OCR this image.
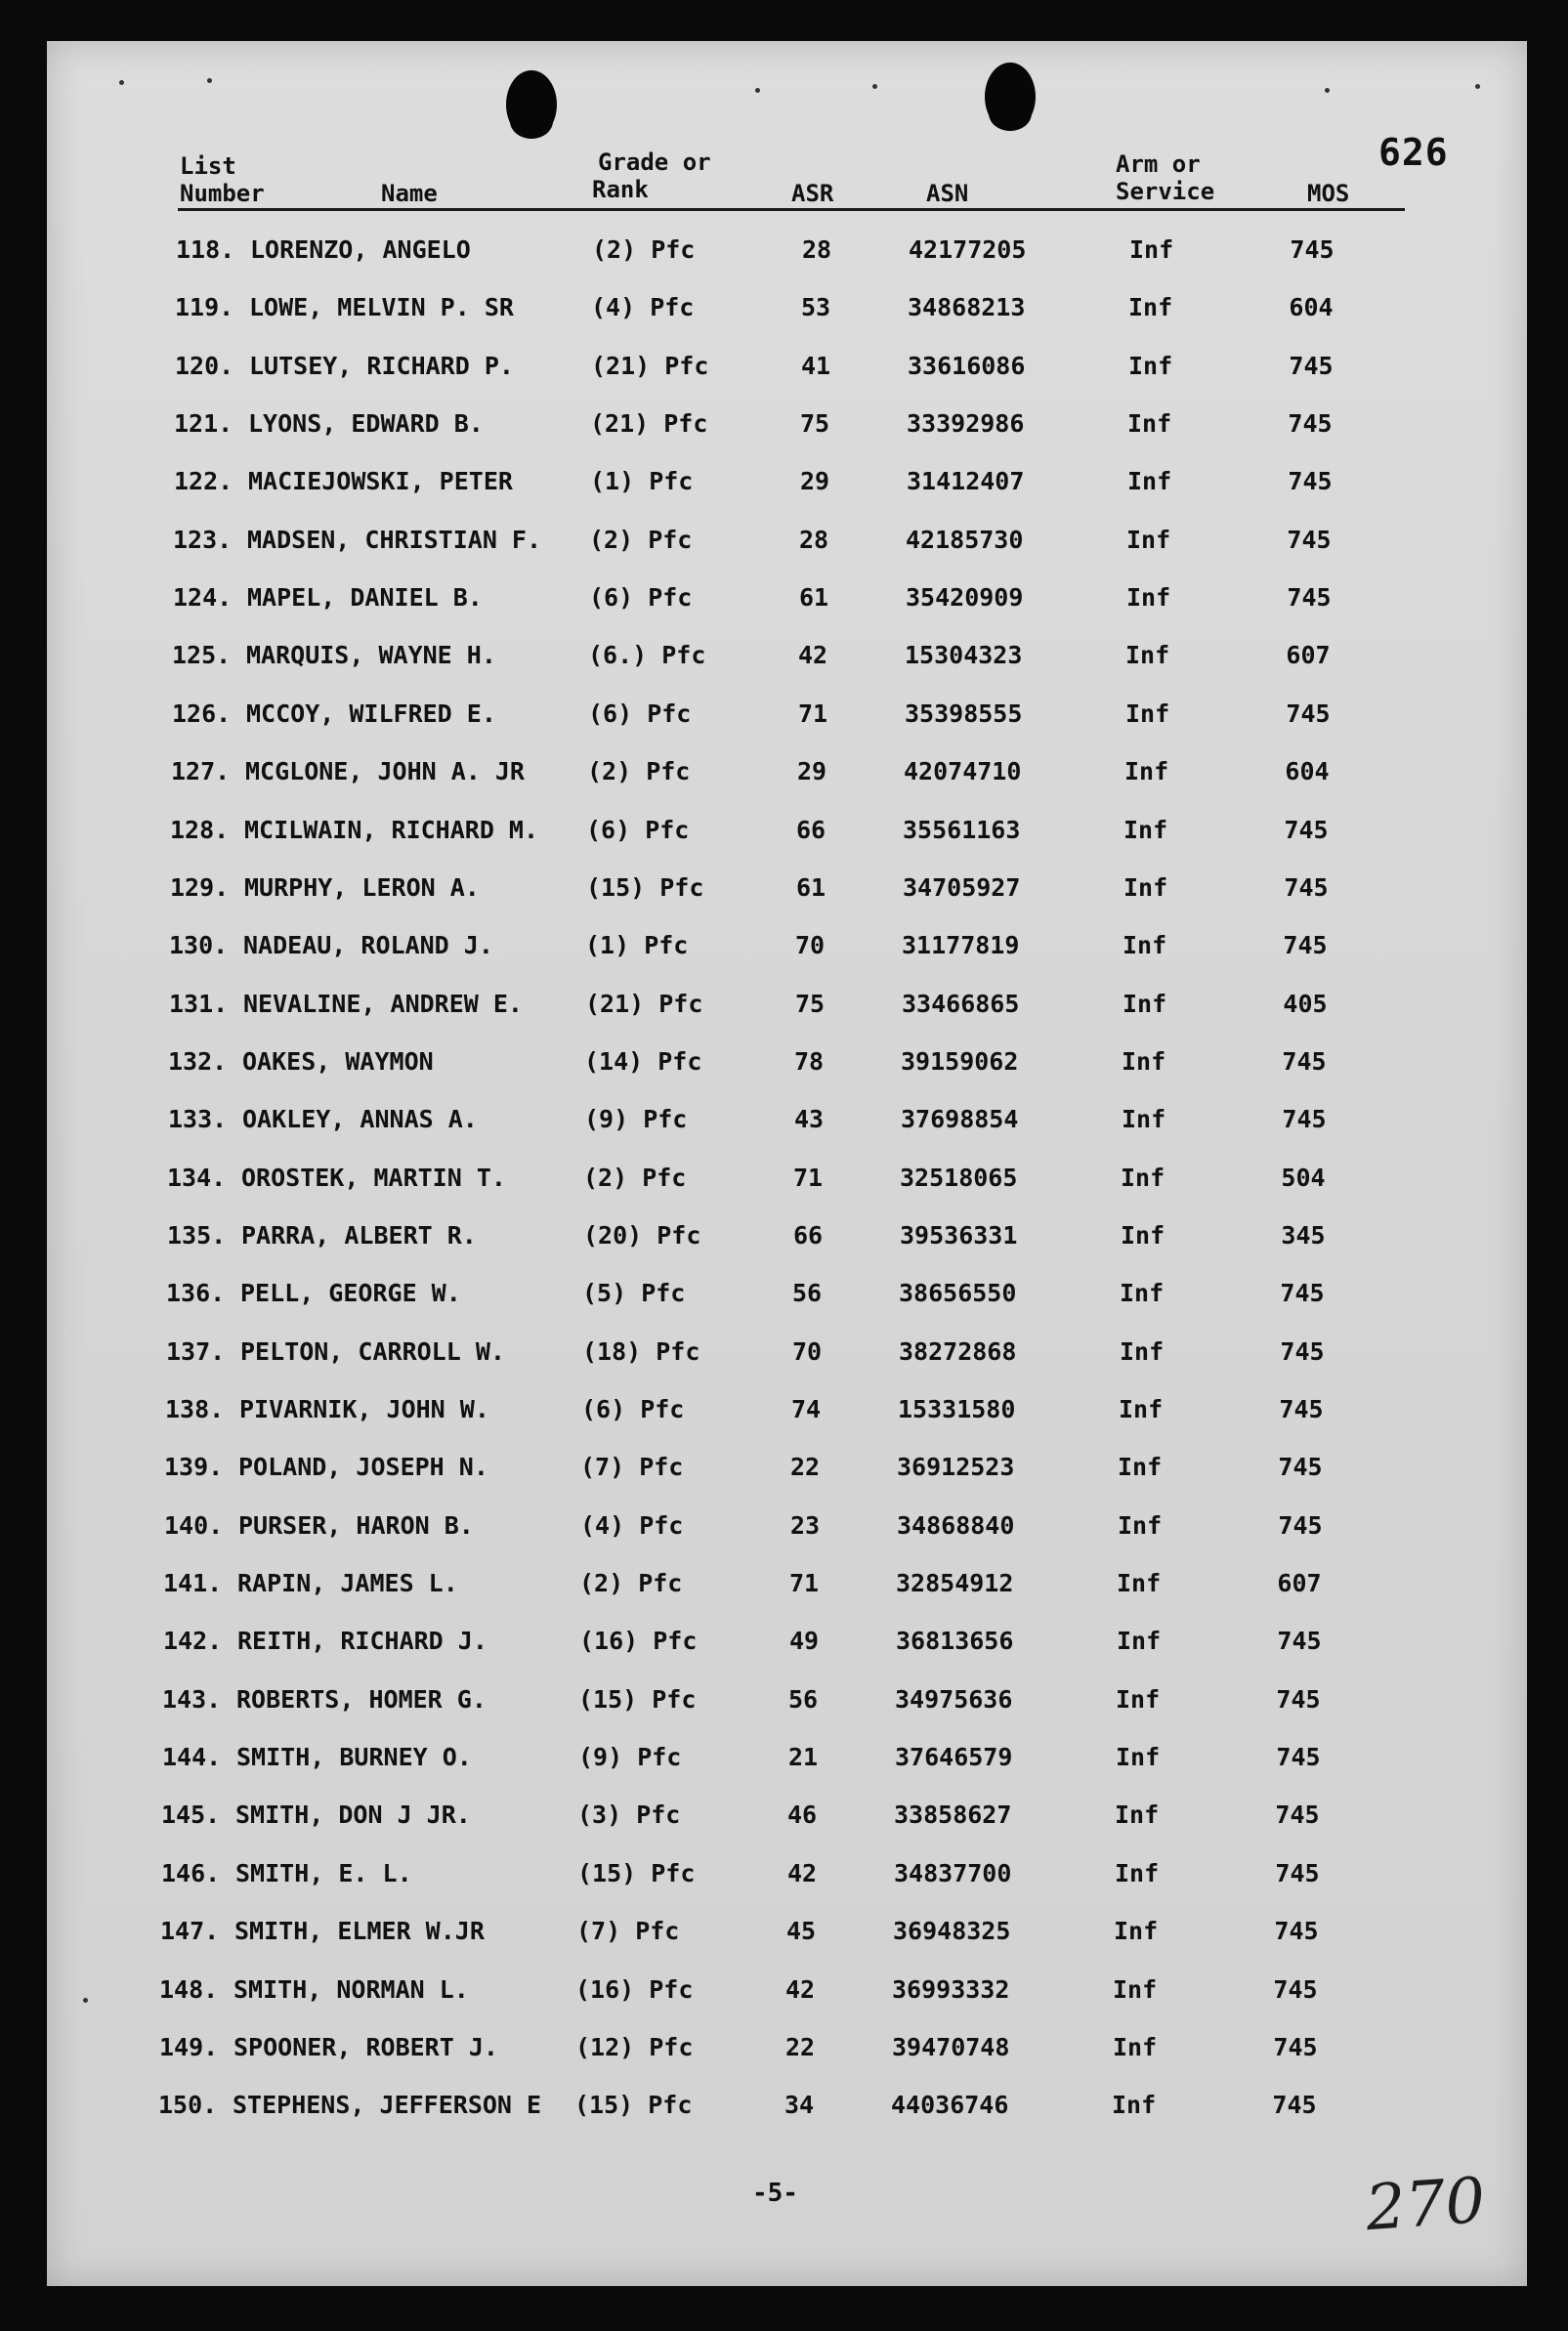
626
List
Number	Name
Grade or
Rank	ASR	ASN
Arm or
Service	MOS
118. LORENZO, ANGELO	(2) Pfc	28	42177205	Inf	745
119. LOWE, MELVIN P. SR	(4) Pfc	53	34868213	Inf	604
120. LUTSEY, RICHARD P.	(21) Pfc	41	33616086	Inf	745
121. LYONS, EDWARD B.	(21) Pfc	75	33392986	Inf	745
122. MACIEJOWSKI, PETER	(1) Pfc	29	31412407	Inf	745
123. MADSEN, CHRISTIAN F. (2) Pfc	28	42185730	Inf	745
124. MAPEL, DANIEL B.	(6) Pfc	61	35420909	Inf	745
125. MARQUIS, WAYNE H.	(6.) Pfc	42	15304323	Inf	607
126. MCCOY, WILFRED E.	(6) Pfc	71	35398555	Inf	745
127. MCGLONE, JOHN A. JR	(2) Pfc	29	42074710	Inf	604
128. MCILWAIN, RICHARD M. (6) Pfc	66	35561163	Inf	745
129. MURPHY, LERON A.	(15) Pfc	61	34705927	Inf	745
130. NADEAU, ROLAND J.	(1) Pfc	70	31177819	Inf	745
131. NEVALINE, ANDREW E.	(21) Pfc	75	33466865	Inf	405
132. OAKES, WAYMON	(14) Pfc	78	39159062	Inf	745
133. OAKLEY, ANNAS A.	(9) Pfc	43	37698854	Inf	745
134. OROSTEK, MARTIN T.	(2) Pfc	71	32518065	Inf	504
135. PARRA, ALBERT R.	(20) Pfc	66	39536331	Inf	345
136. PELL, GEORGE W.	(5) Pfc	56	38656550	Inf	745
137. PELTON, CARROLL W.	(18) Pfc	70	38272868	Inf	745
138. PIVARNIK, JOHN W.	(6) Pfc	74	15331580	Inf	745
139. POLAND, JOSEPH N.	(7) Pfc	22	36912523	Inf	745
140. PURSER, HARON B.	(4) Pfc	23	34868840	Inf	745
141. RAPIN, JAMES L.	(2) Pfc	71	32854912	Inf	607
142. REITH, RICHARD J.	(16) Pfc	49	36813656	Inf	745
143. ROBERTS, HOMER G.	(15) Pfc	56	34975636	Inf	745
144. SMITH, BURNEY O.	(9) Pfc	21	37646579	Inf	745
145. SMITH, DON J JR.	(3) Pfc	46	33858627	Inf	745
146. SMITH, E. L.	(15) Pfc	42	34837700	Inf	745
147. SMITH, ELMER W.JR	(7) Pfc	45	36948325	Inf	745
148. SMITH, NORMAN L.	(16) Pfc	42	36993332	Inf	745
149. SPOONER, ROBERT J.	(12) Pfc	22	39470748	Inf	745
150. STEPHENS, JEFFERSON E (15) Pfc	34	44036746	Inf	745
-5-	270
